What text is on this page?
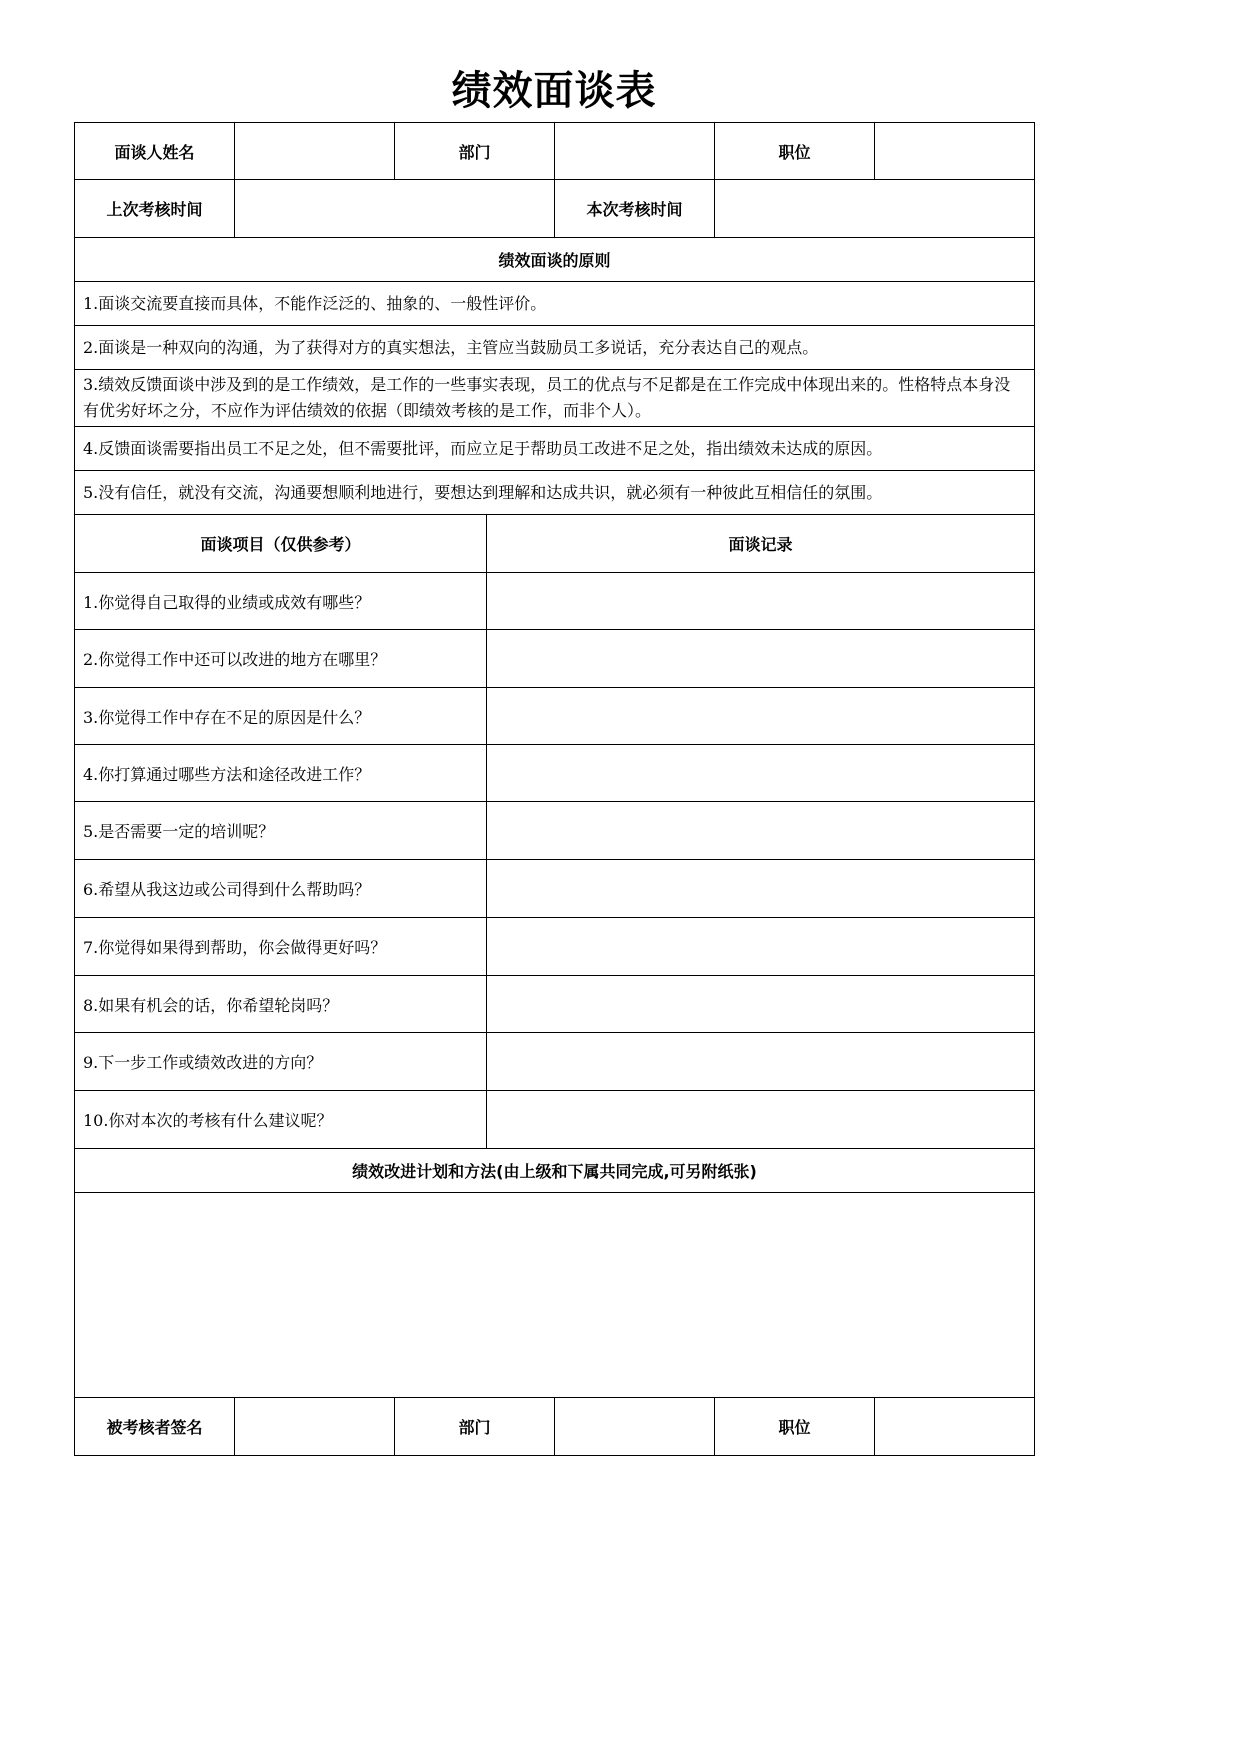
绩效面谈表
面谈人姓名		部门			职位	
上次考核时间				本次考核时间		
绩效面谈的原则						
1.面谈交流要直接而具体，不能作泛泛的、抽象的、一般性评价。						
2.面谈是一种双向的沟通，为了获得对方的真实想法，主管应当鼓励员工多说话，充分表达自己的观点。						
3.绩效反馈面谈中涉及到的是工作绩效，是工作的一些事实表现，员工的优点与不足都是在工作完成中体现出来的。性格特点本身没有优劣好坏之分，不应作为评估绩效的依据（即绩效考核的是工作，而非个人）。						
4.反馈面谈需要指出员工不足之处，但不需要批评，而应立足于帮助员工改进不足之处，指出绩效未达成的原因。						
5.没有信任，就没有交流，沟通要想顺利地进行，要想达到理解和达成共识，就必须有一种彼此互相信任的氛围。						
面谈项目（仅供参考）			面谈记录			
1.你觉得自己取得的业绩或成效有哪些？						
2.你觉得工作中还可以改进的地方在哪里？						
3.你觉得工作中存在不足的原因是什么？						
4.你打算通过哪些方法和途径改进工作？						
5.是否需要一定的培训呢？						
6.希望从我这边或公司得到什么帮助吗？						
7.你觉得如果得到帮助，你会做得更好吗？						
8.如果有机会的话，你希望轮岗吗？						
9.下一步工作或绩效改进的方向？						
10.你对本次的考核有什么建议呢？						
绩效改进计划和方法(由上级和下属共同完成,可另附纸张)						

被考核者签名		部门			职位	
